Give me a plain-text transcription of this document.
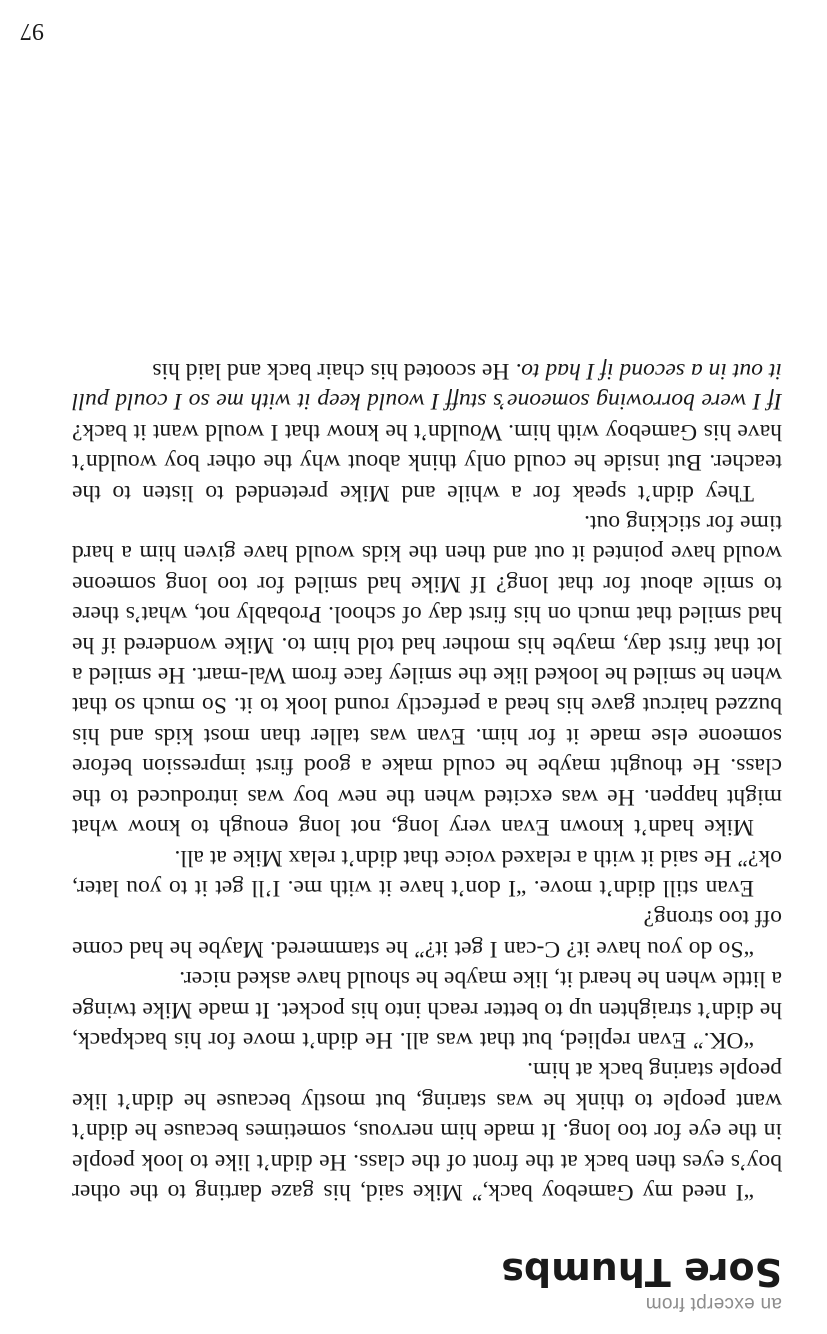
an excerpt from
Sore Thumbs

“I need my Gameboy back,” Mike said, his gaze darting to the other boy’s eyes then back at the front of the class. He didn’t like to look people in the eye for too long. It made him nervous, sometimes because he didn’t want people to think he was staring, but mostly because he didn’t like people staring back at him.

“OK.” Evan replied, but that was all. He didn’t move for his backpack, he didn’t straighten up to better reach into his pocket. It made Mike twinge a little when he heard it, like maybe he should have asked nicer.

“So do you have it? C-can I get it?” he stammered. Maybe he had come off too strong?

Evan still didn’t move. “I don’t have it with me. I’ll get it to you later, ok?” He said it with a relaxed voice that didn’t relax Mike at all.

Mike hadn’t known Evan very long, not long enough to know what might happen. He was excited when the new boy was introduced to the class. He thought maybe he could make a good first impression before someone else made it for him. Evan was taller than most kids and his buzzed haircut gave his head a perfectly round look to it. So much so that when he smiled he looked like the smiley face from Wal-mart. He smiled a lot that first day, maybe his mother had told him to. Mike wondered if he had smiled that much on his first day of school. Probably not, what’s there to smile about for that long? If Mike had smiled for too long someone would have pointed it out and then the kids would have given him a hard time for sticking out.

They didn’t speak for a while and Mike pretended to listen to the teacher. But inside he could only think about why the other boy wouldn’t have his Gameboy with him. Wouldn’t he know that I would want it back? If I were borrowing someone’s stuff I would keep it with me so I could pull it out in a second if I had to. He scooted his chair back and laid his

97
